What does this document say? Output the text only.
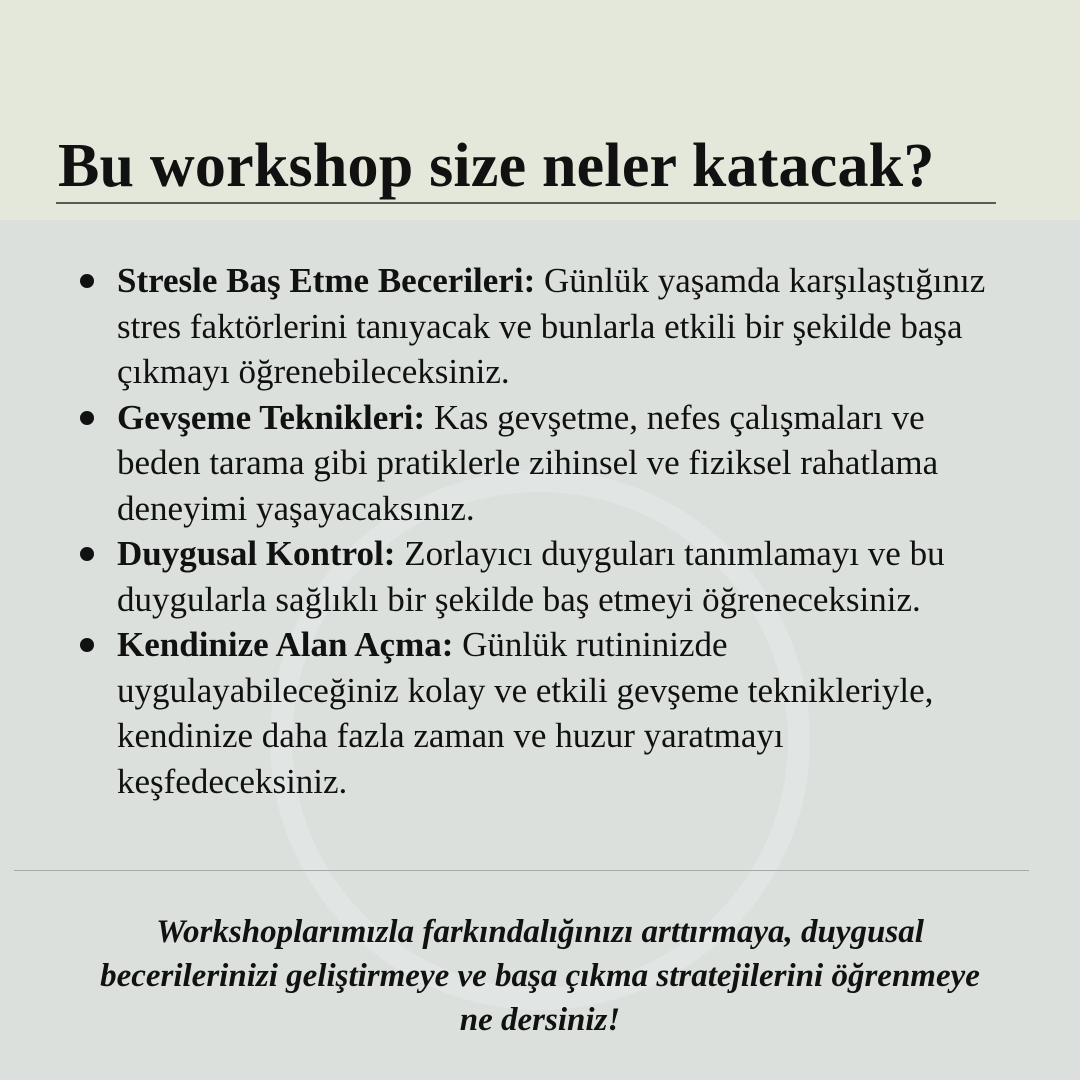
Bu workshop size neler katacak?
Stresle Baş Etme Becerileri: Günlük yaşamda karşılaştığınız stres faktörlerini tanıyacak ve bunlarla etkili bir şekilde başa çıkmayı öğrenebileceksiniz.
Gevşeme Teknikleri: Kas gevşetme, nefes çalışmaları ve beden tarama gibi pratiklerle zihinsel ve fiziksel rahatlama deneyimi yaşayacaksınız.
Duygusal Kontrol: Zorlayıcı duyguları tanımlamayı ve bu duygularla sağlıklı bir şekilde baş etmeyi öğreneceksiniz.
Kendinize Alan Açma: Günlük rutininizde uygulayabileceğiniz kolay ve etkili gevşeme teknikleriyle, kendinize daha fazla zaman ve huzur yaratmayı keşfedeceksiniz.

Workshoplarımızla farkındalığınızı arttırmaya, duygusal becerilerinizi geliştirmeye ve başa çıkma stratejilerini öğrenmeye ne dersiniz!
